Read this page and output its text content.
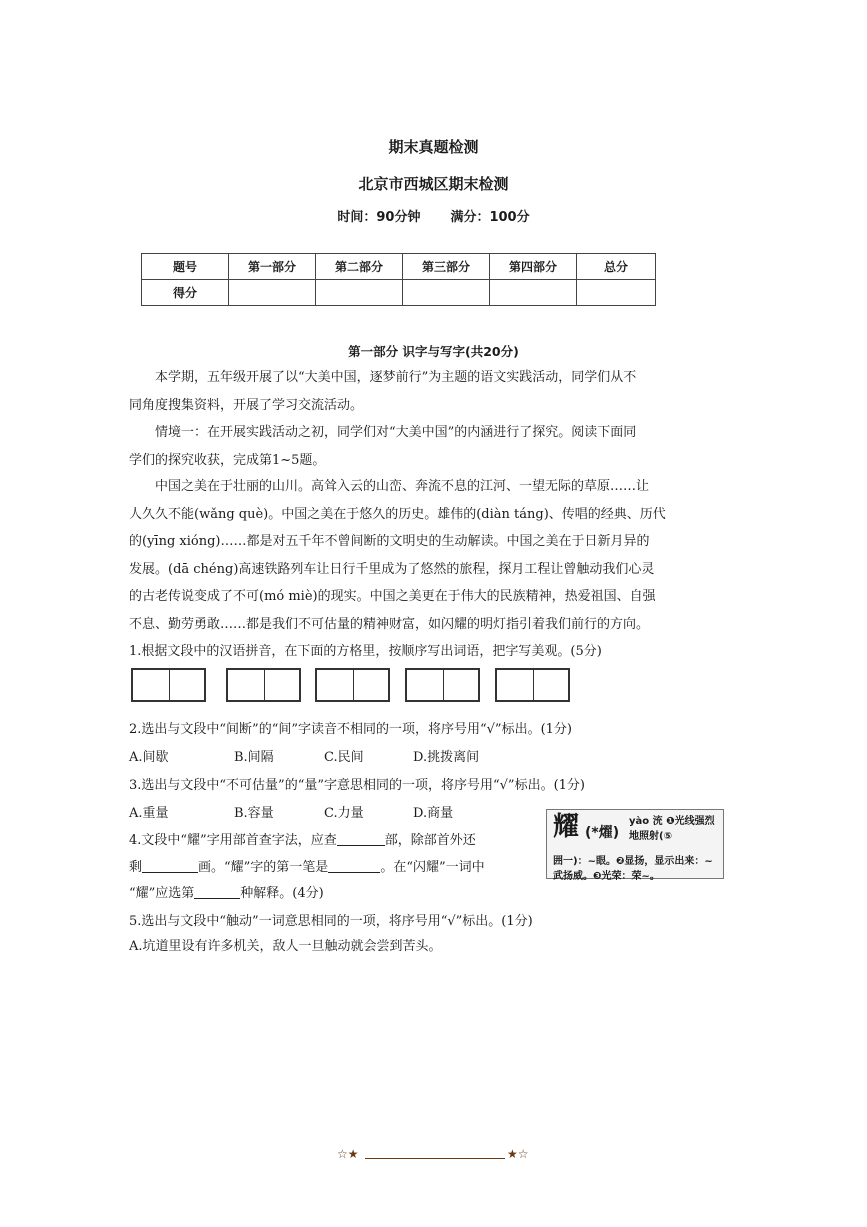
期末真题检测
北京市西城区期末检测
时间：90分钟 满分：100分
题号	第一部分	第二部分	第三部分	第四部分	总分
得分					
第一部分 识字与写字(共20分)
本学期，五年级开展了以“大美中国，逐梦前行”为主题的语文实践活动，同学们从不
同角度搜集资料，开展了学习交流活动。
情境一：在开展实践活动之初，同学们对“大美中国”的内涵进行了探究。阅读下面同
学们的探究收获，完成第1~5题。
中国之美在于壮丽的山川。高耸入云的山峦、奔流不息的江河、一望无际的草原……让
人久久不能(wǎng què)。中国之美在于悠久的历史。雄伟的(diàn táng)、传唱的经典、历代
的(yīng xióng)……都是对五千年不曾间断的文明史的生动解读。中国之美在于日新月异的
发展。(dā chéng)高速铁路列车让日行千里成为了悠然的旅程，探月工程让曾触动我们心灵
的古老传说变成了不可(mó miè)的现实。中国之美更在于伟大的民族精神，热爱祖国、自强
不息、勤劳勇敢……都是我们不可估量的精神财富，如闪耀的明灯指引着我们前行的方向。
1.根据文段中的汉语拼音，在下面的方格里，按顺序写出词语，把字写美观。(5分)
2.选出与文段中“间断”的“间”字读音不相同的一项，将序号用“√”标出。(1分)
A.间歇	B.间隔	C.民间	D.挑拨离间
3.选出与文段中“不可估量”的“量”字意思相同的一项，将序号用“√”标出。(1分)
A.重量	B.容量	C.力量	D.商量
4.文段中“耀”字用部首查字法，应查	部，除部首外还
剩	画。“耀”字的第一笔是	。在“闪耀”一词中
“耀”应选第	种解释。(4分)
耀 (*燿)
yào 㳘 ❶光线强烈地照射(⑤
囲一)：~眼。❷显扬，显示出来：~武扬威。❸光荣：荣~。
5.选出与文段中“触动”一词意思相同的一项，将序号用“√”标出。(1分)
A.坑道里设有许多机关，敌人一旦触动就会尝到苦头。
☆★	★☆
